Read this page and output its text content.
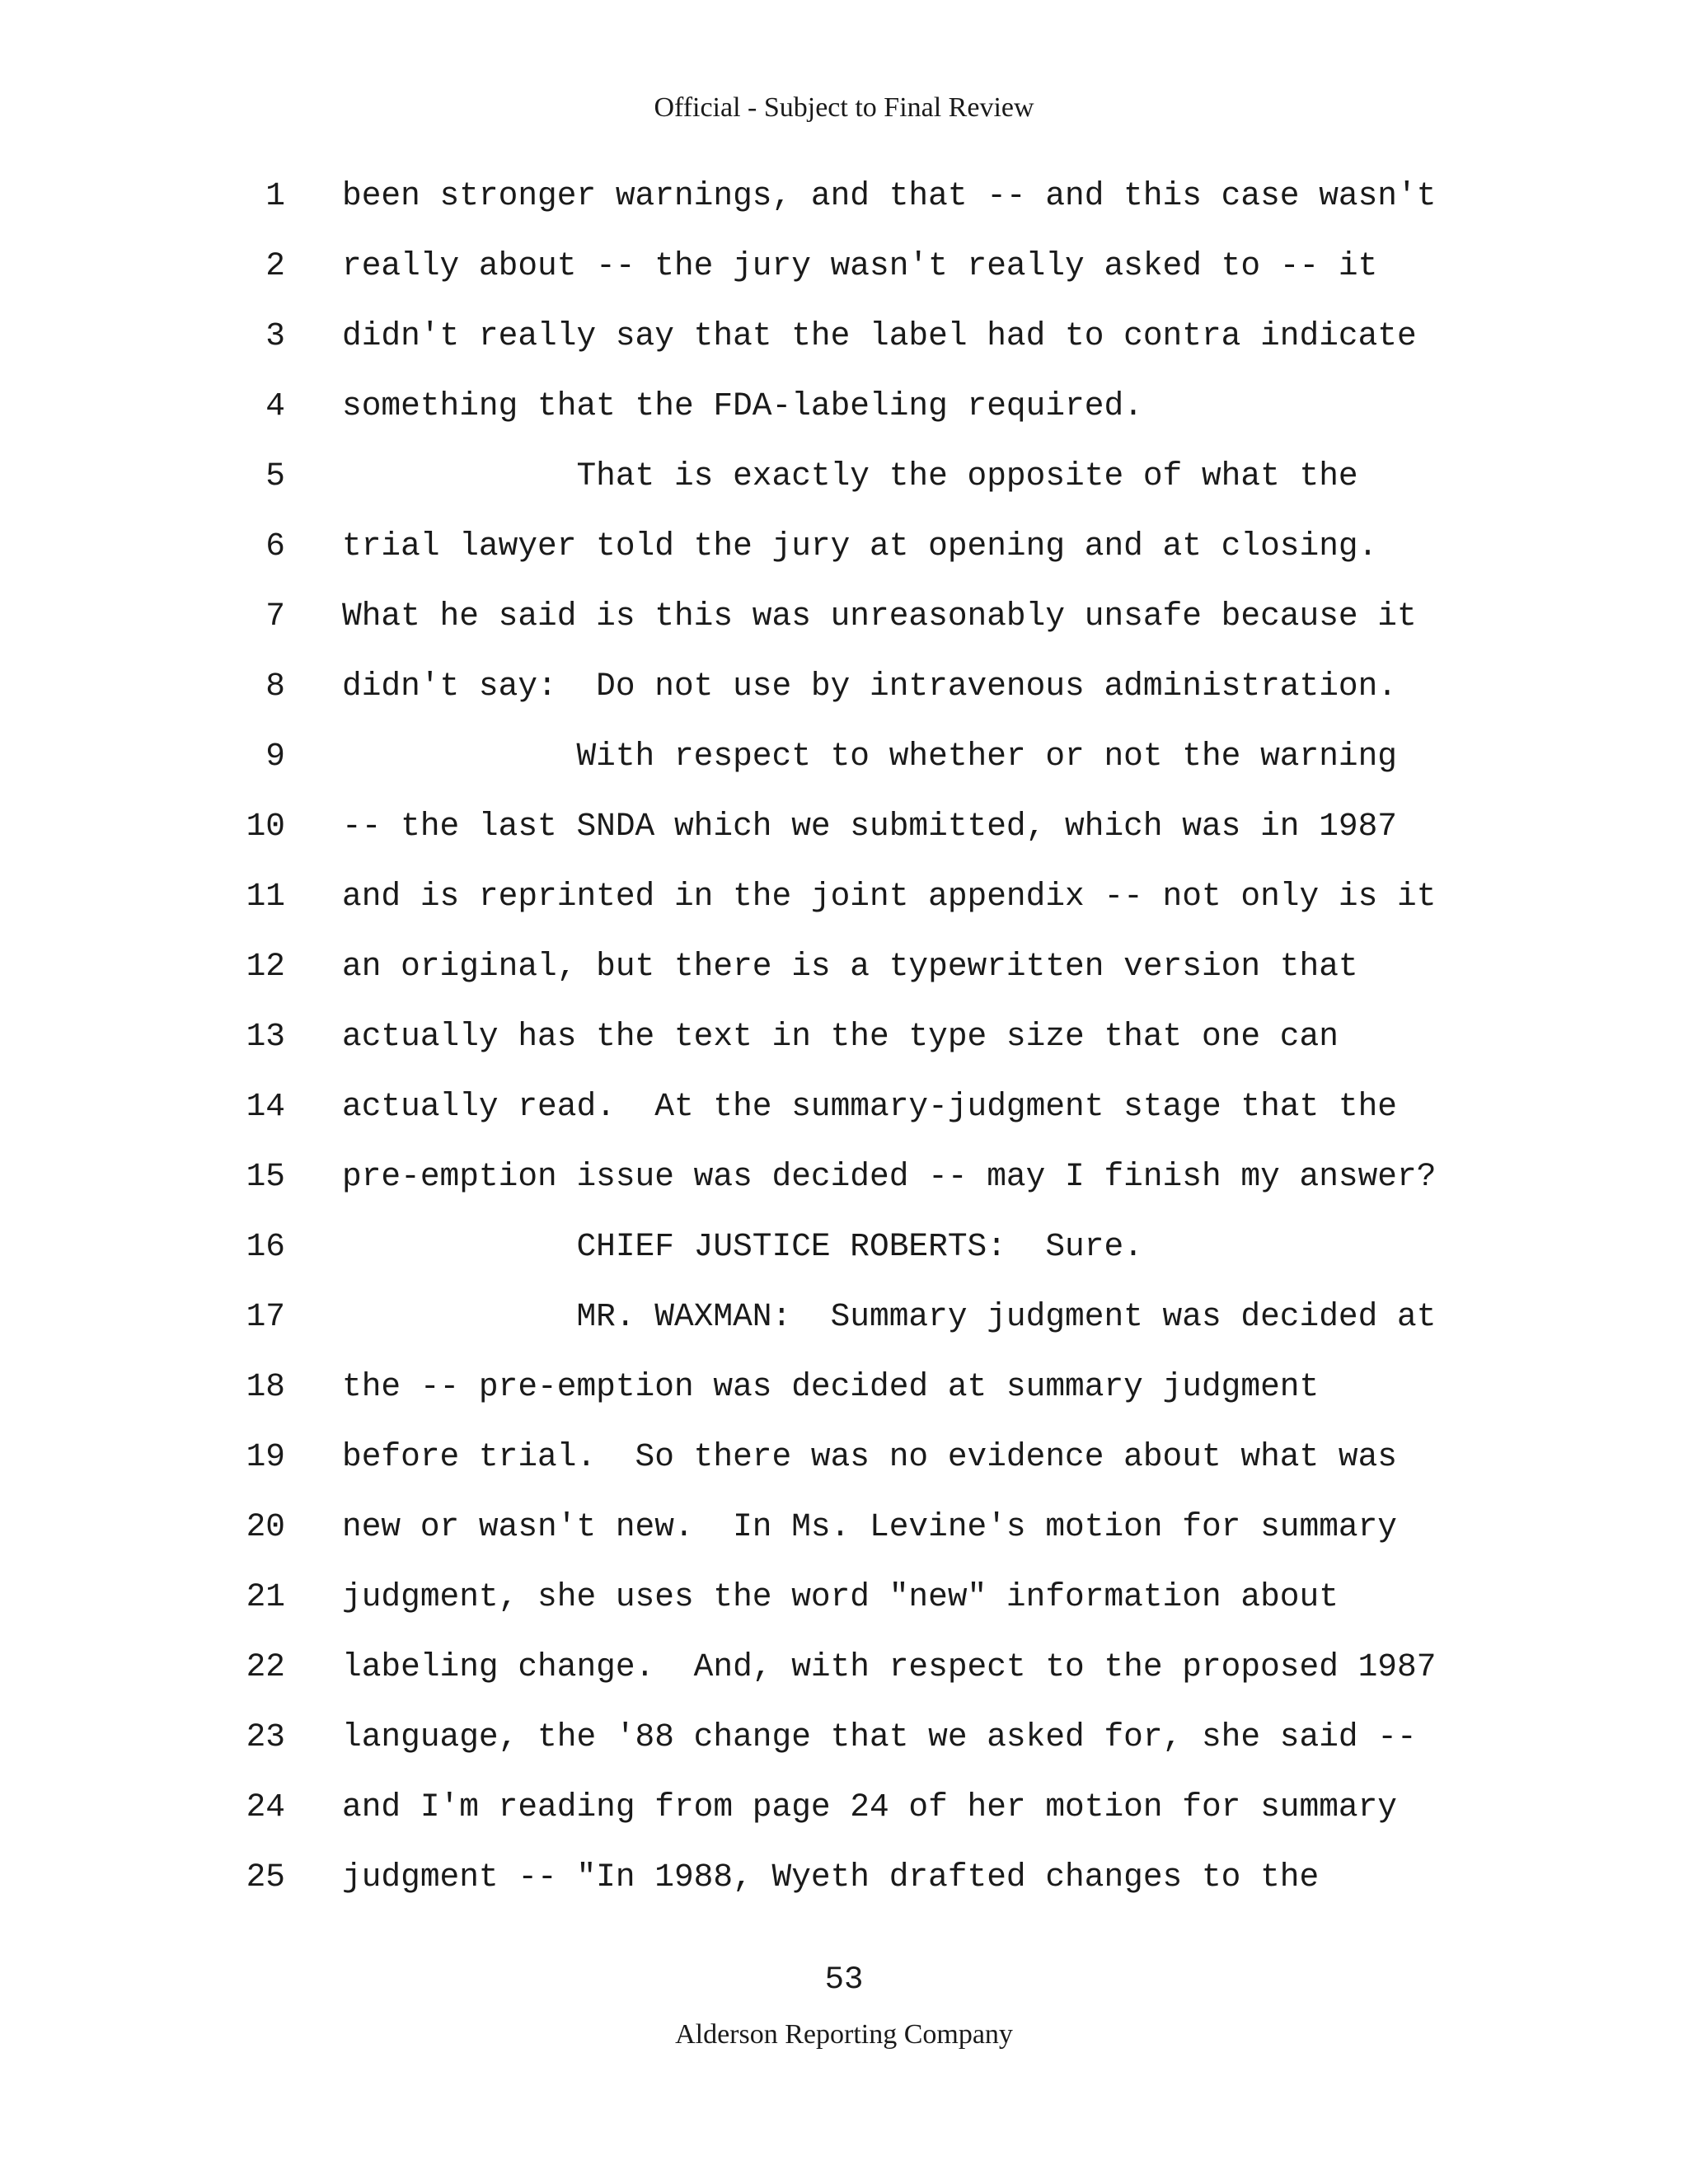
Official - Subject to Final Review
1 been stronger warnings, and that -- and this case wasn't
2 really about -- the jury wasn't really asked to -- it
3 didn't really say that the label had to contra indicate
4 something that the FDA-labeling required.
5 That is exactly the opposite of what the
6 trial lawyer told the jury at opening and at closing.
7 What he said is this was unreasonably unsafe because it
8 didn't say:  Do not use by intravenous administration.
9 With respect to whether or not the warning
10 -- the last SNDA which we submitted, which was in 1987
11 and is reprinted in the joint appendix -- not only is it
12 an original, but there is a typewritten version that
13 actually has the text in the type size that one can
14 actually read.  At the summary-judgment stage that the
15 pre-emption issue was decided -- may I finish my answer?
16 CHIEF JUSTICE ROBERTS:  Sure.
17 MR. WAXMAN:  Summary judgment was decided at
18 the -- pre-emption was decided at summary judgment
19 before trial.  So there was no evidence about what was
20 new or wasn't new.  In Ms. Levine's motion for summary
21 judgment, she uses the word "new" information about
22 labeling change.  And, with respect to the proposed 1987
23 language, the '88 change that we asked for, she said --
24 and I'm reading from page 24 of her motion for summary
25 judgment -- "In 1988, Wyeth drafted changes to the
53
Alderson Reporting Company
